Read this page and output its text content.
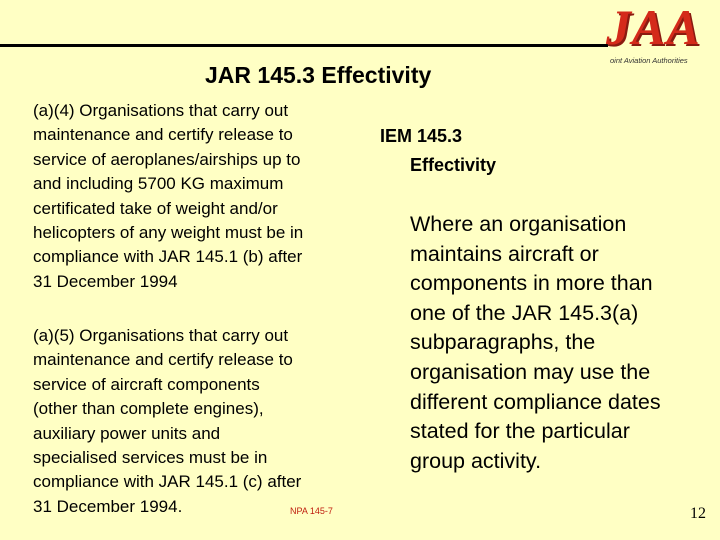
JAA
oint Aviation Authorities
JAR 145.3 Effectivity
(a)(4) Organisations that carry out
maintenance and certify release to
service of aeroplanes/airships up to
and including 5700 KG maximum
certificated take of weight and/or
helicopters of any weight must be in
compliance with JAR 145.1 (b) after
31 December 1994
(a)(5) Organisations that carry out
maintenance and certify release to
service of aircraft components
(other than complete engines),
auxiliary power units and
specialised services must be in
compliance with JAR 145.1 (c) after
31 December 1994.	NPA 145-7
IEM 145.3
Effectivity
Where an organisation
maintains aircraft or
components in more than
one of the JAR 145.3(a)
subparagraphs, the
organisation may use the
different compliance dates
stated for the particular
group activity.
12
